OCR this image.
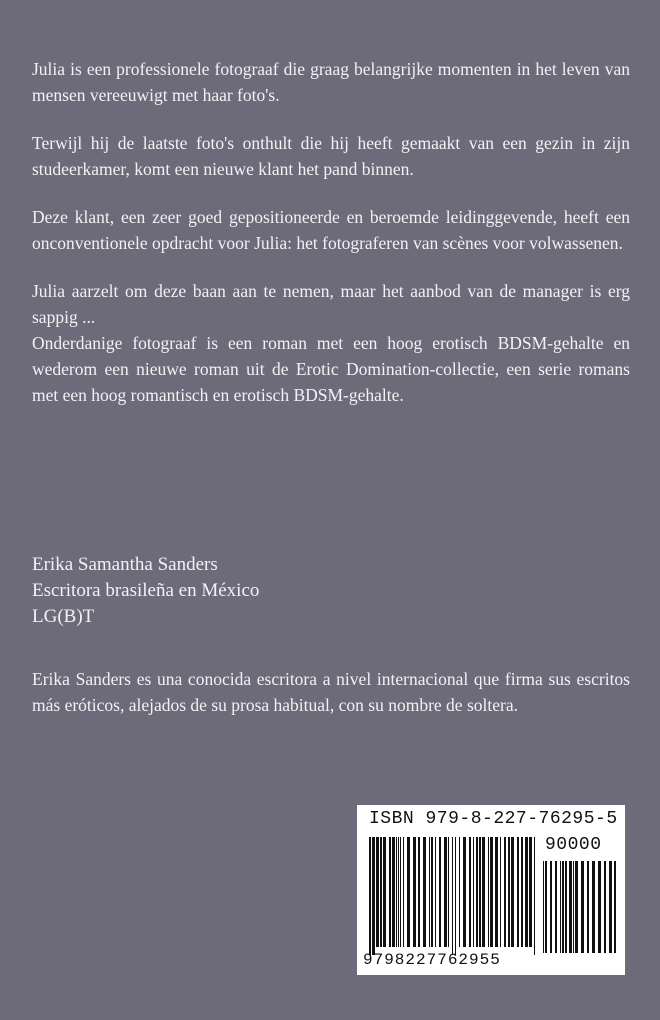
Julia is een professionele fotograaf die graag belangrijke momenten in het leven van mensen vereeuwigt met haar foto's.

Terwijl hij de laatste foto's onthult die hij heeft gemaakt van een gezin in zijn studeerkamer, komt een nieuwe klant het pand binnen.

Deze klant, een zeer goed gepositioneerde en beroemde leidinggevende, heeft een onconventionele opdracht voor Julia: het fotograferen van scènes voor volwassenen.

Julia aarzelt om deze baan aan te nemen, maar het aanbod van de manager is erg sappig ...

Onderdanige fotograaf is een roman met een hoog erotisch BDSM-gehalte en wederom een nieuwe roman uit de Erotic Domination-collectie, een serie romans met een hoog romantisch en erotisch BDSM-gehalte.

Erika Samantha Sanders
Escritora brasileña en México
LG(B)T
Erika Sanders es una conocida escritora a nivel internacional que firma sus escritos más eróticos, alejados de su prosa habitual, con su nombre de soltera.
ISBN 979-8-227-76295-5
90000
9798227762955
